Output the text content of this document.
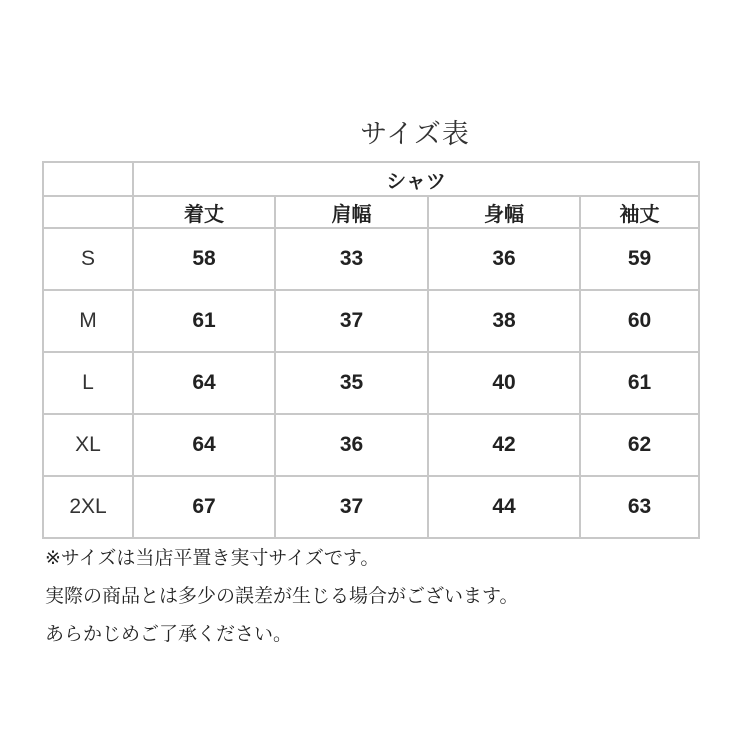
サイズ表
	シャツ			
	着丈	肩幅	身幅	袖丈
S	58	33	36	59
M	61	37	38	60
L	64	35	40	61
XL	64	36	42	62
2XL	67	37	44	63
※サイズは当店平置き実寸サイズです。
実際の商品とは多少の誤差が生じる場合がございます。
あらかじめご了承ください。
